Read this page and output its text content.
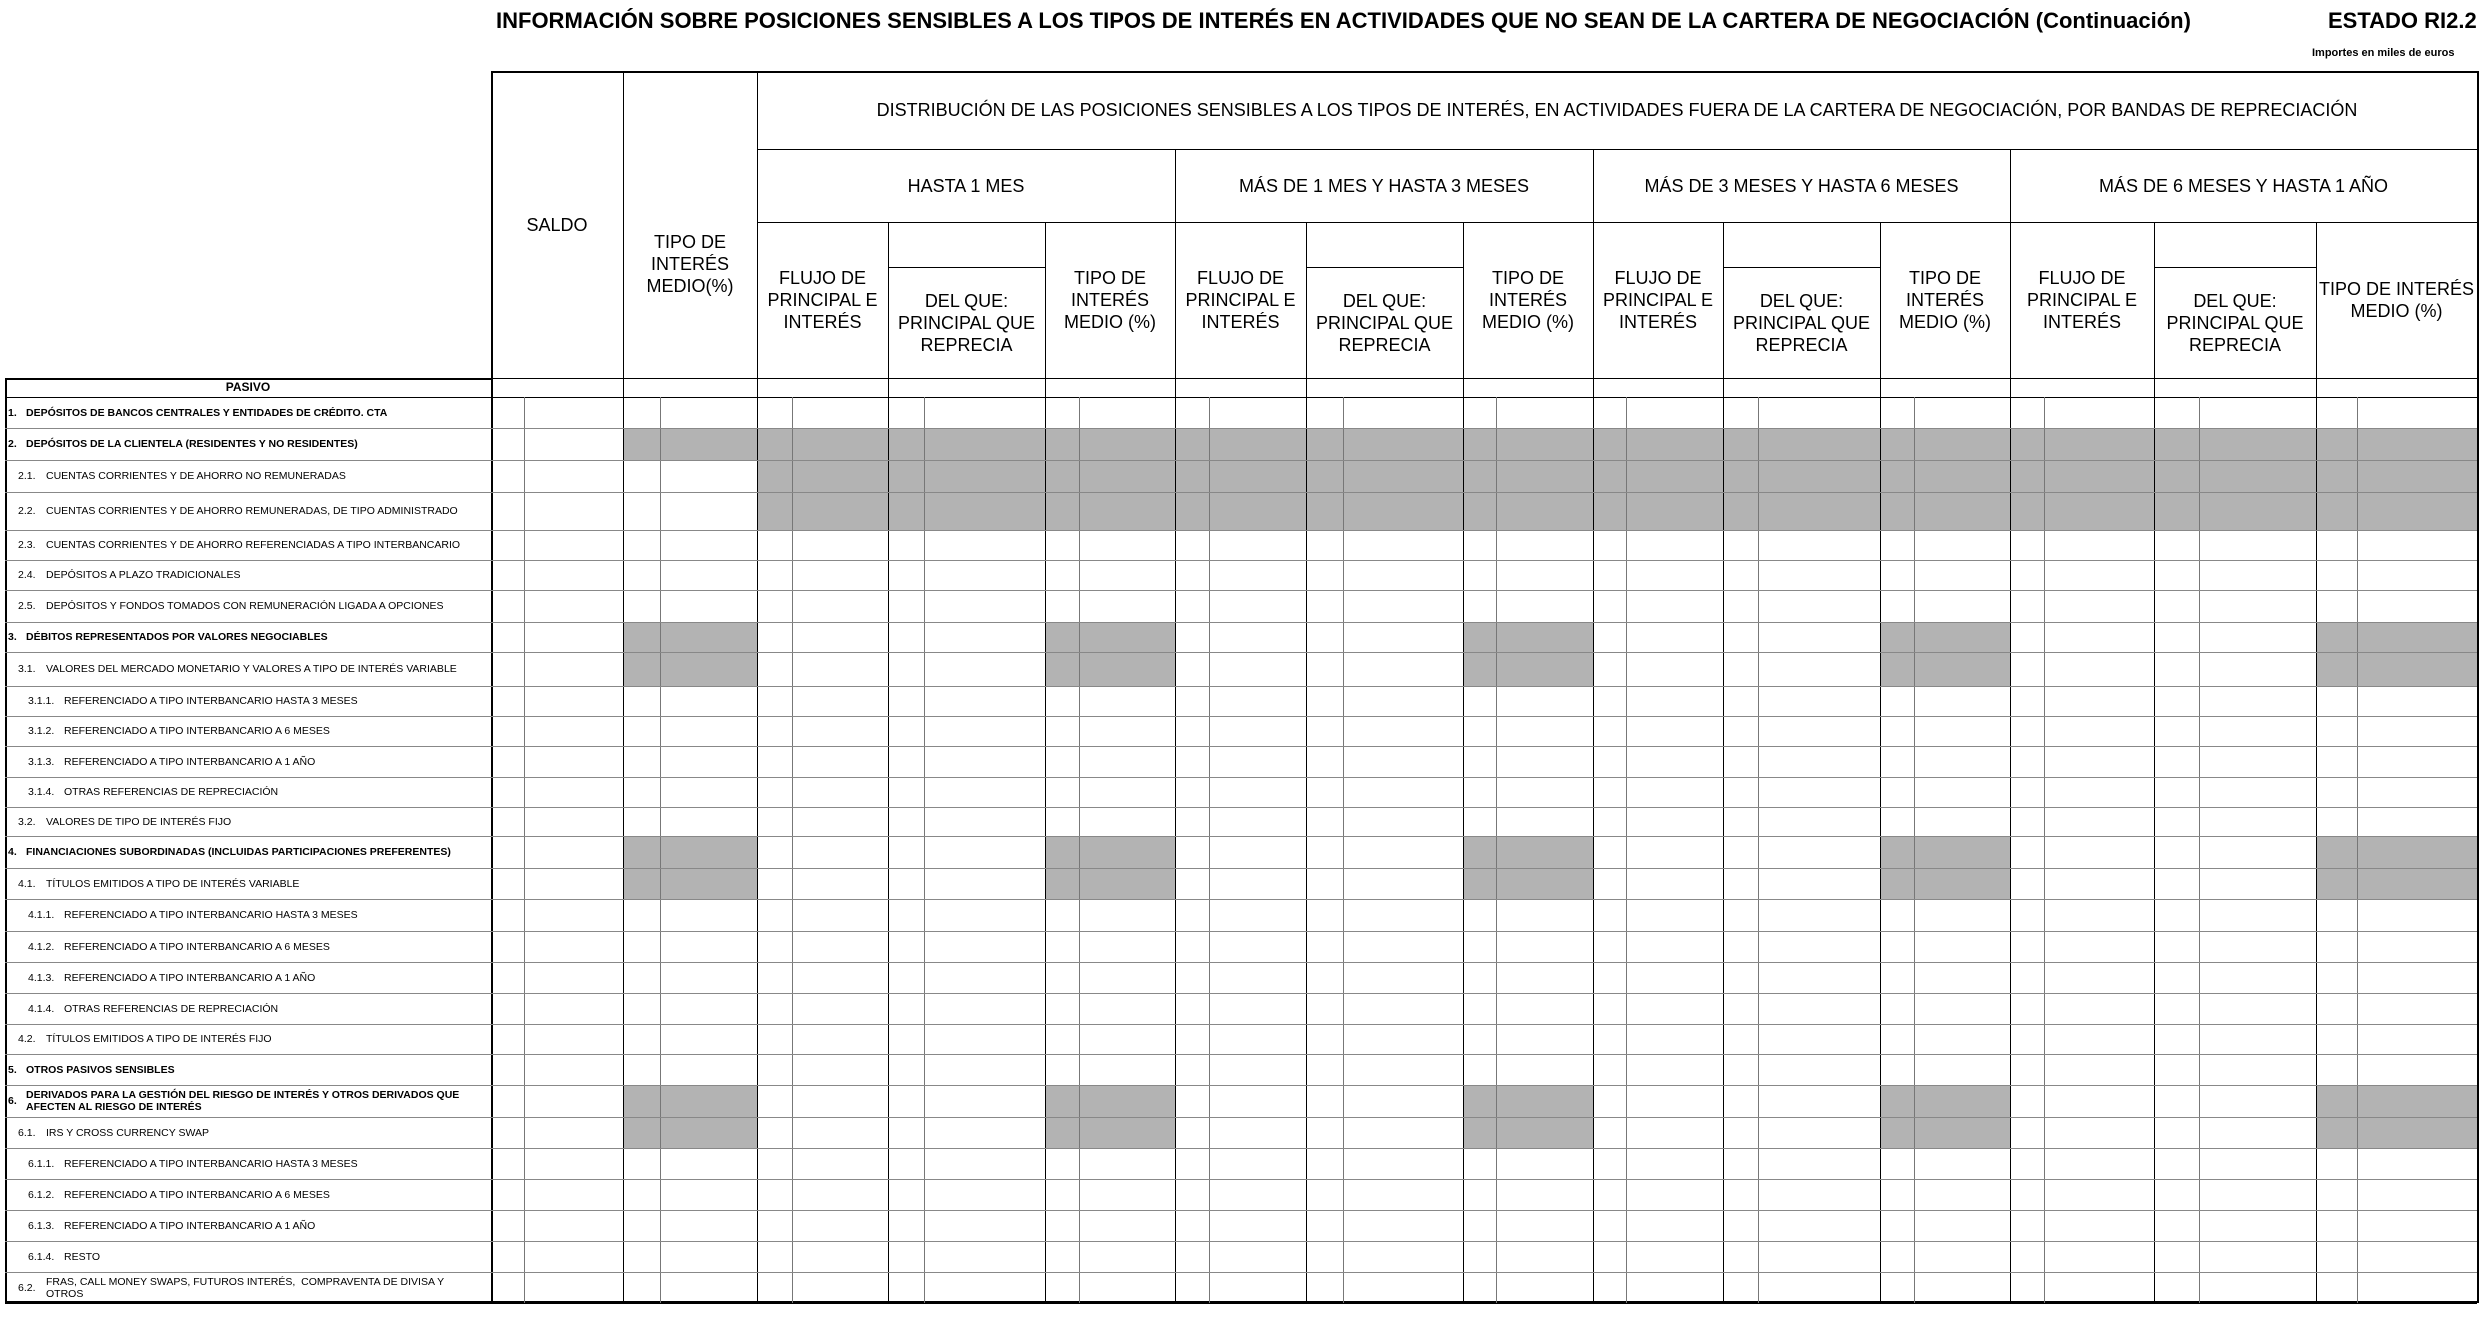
INFORMACIÓN SOBRE POSICIONES SENSIBLES A LOS TIPOS DE INTERÉS EN ACTIVIDADES QUE NO SEAN DE LA CARTERA DE NEGOCIACIÓN (Continuación)	ESTADO RI2.2
Importes en miles de euros
SALDO
TIPO DE INTERÉS MEDIO(%)
DISTRIBUCIÓN DE LAS POSICIONES SENSIBLES A LOS TIPOS DE INTERÉS, EN ACTIVIDADES FUERA DE LA CARTERA DE NEGOCIACIÓN, POR BANDAS DE REPRECIACIÓN
HASTA 1 MES
FLUJO DE PRINCIPAL E INTERÉS
DEL QUE: PRINCIPAL QUE REPRECIA
TIPO DE INTERÉS MEDIO (%)
MÁS DE 1 MES Y HASTA 3 MESES
FLUJO DE PRINCIPAL E INTERÉS
DEL QUE: PRINCIPAL QUE REPRECIA
TIPO DE INTERÉS MEDIO (%)
MÁS DE 3 MESES Y HASTA 6 MESES
FLUJO DE PRINCIPAL E INTERÉS
DEL QUE: PRINCIPAL QUE REPRECIA
TIPO DE INTERÉS MEDIO (%)
MÁS DE 6 MESES Y HASTA 1 AÑO
FLUJO DE PRINCIPAL E INTERÉS
DEL QUE: PRINCIPAL QUE REPRECIA
TIPO DE INTERÉS MEDIO (%)
PASIVO
1. DEPÓSITOS DE BANCOS CENTRALES Y ENTIDADES DE CRÉDITO. CTA
2. DEPÓSITOS DE LA CLIENTELA (RESIDENTES Y NO RESIDENTES)
2.1. CUENTAS CORRIENTES Y DE AHORRO NO REMUNERADAS
2.2. CUENTAS CORRIENTES Y DE AHORRO REMUNERADAS, DE TIPO ADMINISTRADO
2.3. CUENTAS CORRIENTES Y DE AHORRO REFERENCIADAS A TIPO INTERBANCARIO
2.4. DEPÓSITOS A PLAZO TRADICIONALES
2.5. DEPÓSITOS Y FONDOS TOMADOS CON REMUNERACIÓN LIGADA A OPCIONES
3. DÉBITOS REPRESENTADOS POR VALORES NEGOCIABLES
3.1. VALORES DEL MERCADO MONETARIO Y VALORES A TIPO DE INTERÉS VARIABLE
3.1.1. REFERENCIADO A TIPO INTERBANCARIO HASTA 3 MESES
3.1.2. REFERENCIADO A TIPO INTERBANCARIO A 6 MESES
3.1.3. REFERENCIADO A TIPO INTERBANCARIO A 1 AÑO
3.1.4. OTRAS REFERENCIAS DE REPRECIACIÓN
3.2. VALORES DE TIPO DE INTERÉS FIJO
4. FINANCIACIONES SUBORDINADAS (INCLUIDAS PARTICIPACIONES PREFERENTES)
4.1. TÍTULOS EMITIDOS A TIPO DE INTERÉS VARIABLE
4.1.1. REFERENCIADO A TIPO INTERBANCARIO HASTA 3 MESES
4.1.2. REFERENCIADO A TIPO INTERBANCARIO A 6 MESES
4.1.3. REFERENCIADO A TIPO INTERBANCARIO A 1 AÑO
4.1.4. OTRAS REFERENCIAS DE REPRECIACIÓN
4.2. TÍTULOS EMITIDOS A TIPO DE INTERÉS FIJO
5. OTROS PASIVOS SENSIBLES
6. DERIVADOS PARA LA GESTIÓN DEL RIESGO DE INTERÉS Y OTROS DERIVADOS QUE AFECTEN AL RIESGO DE INTERÉS
6.1. IRS Y CROSS CURRENCY SWAP
6.1.1. REFERENCIADO A TIPO INTERBANCARIO HASTA 3 MESES
6.1.2. REFERENCIADO A TIPO INTERBANCARIO A 6 MESES
6.1.3. REFERENCIADO A TIPO INTERBANCARIO A 1 AÑO
6.1.4. RESTO
6.2. FRAS, CALL MONEY SWAPS, FUTUROS INTERÉS,  COMPRAVENTA DE DIVISA Y OTROS
